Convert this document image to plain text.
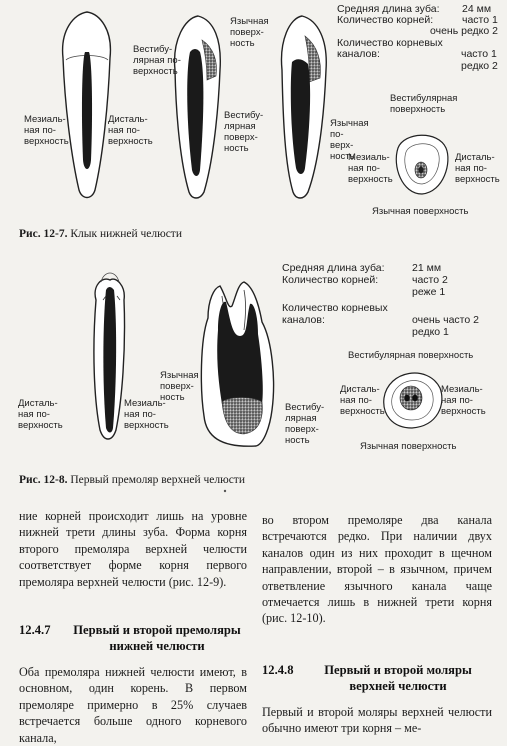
Вестибу-
лярная по-
верхность
Язычная
поверх-
ность
Мезиаль-
ная по-
верхность
Дисталь-
ная по-
верхность
Вестибу-
лярная
поверх-
ность
Язычная
по-
верх-
ность
Вестибулярная
поверхность
Мезиаль-
ная по-
верхность
Дисталь-
ная по-
верхность
Язычная поверхность
Средняя длина зуба: 24 мм
Количество корней:	часто 1
очень редко 2
Количество корневых
каналов:	часто 1
редко 2
Рис. 12-7. Клык нижней челюсти
Средняя длина зуба:	21 мм
Количество корней:	часто 2
реже 1
Количество корневых
каналов:	очень часто 2
редко 1
Язычная
поверх-
ность
Дисталь-
ная по-
верхность
Мезиаль-
ная по-
верхность
Вестибу-
лярная
поверх-
ность
Вестибулярная поверхность
Дисталь-
ная по-
верхность
Мезиаль-
ная по-
верхность
Язычная поверхность
Рис. 12-8. Первый премоляр верхней челюсти
ние корней происходит лишь на уровне нижней трети длины зуба. Форма корня второго премоляра верхней челюсти соответствует форме корня первого премоляра верхней челюсти (рис. 12-9).
во втором премоляре два канала встречаются редко. При наличии двух каналов один из них проходит в щечном направлении, второй – в язычном, причем ответвление язычного канала чаще отмечается лишь в нижней трети корня (рис. 12-10).
12.4.7	Первый и второй премоляры нижней челюсти
Оба премоляра нижней челюсти имеют, в основном, один корень. В первом премоляре примерно в 25% случаев встречается больше одного корневого канала,
12.4.8	Первый и второй моляры верхней челюсти
Первый и второй моляры верхней челюсти обычно имеют три корня – ме-
